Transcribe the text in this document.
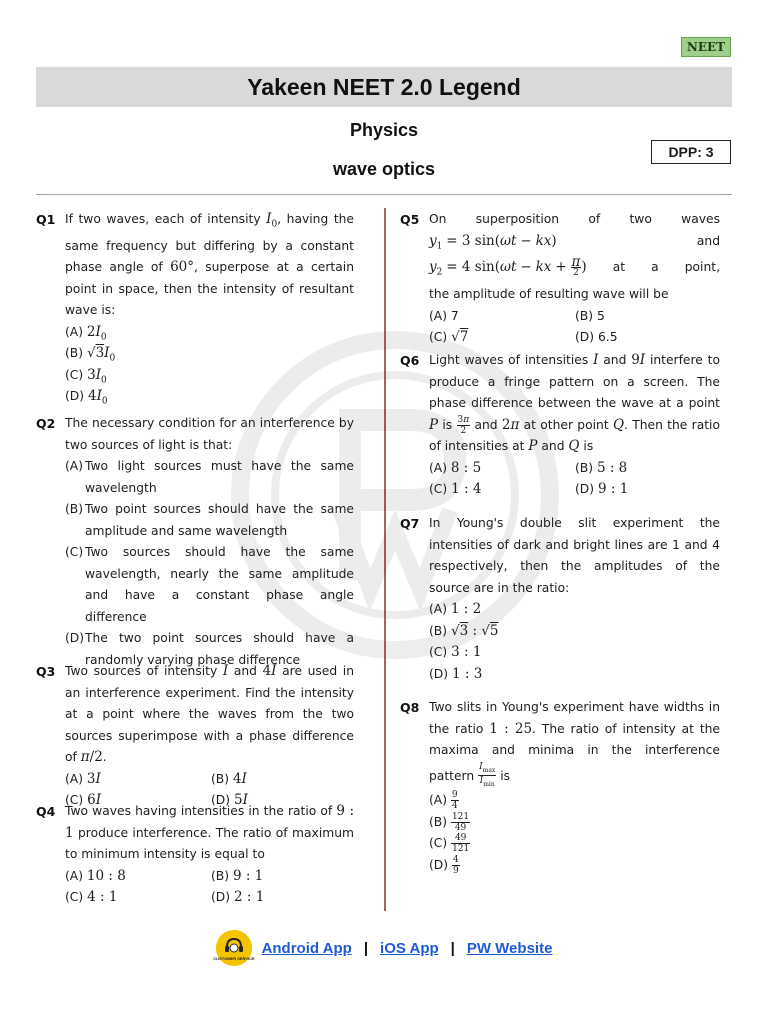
NEET
Yakeen NEET 2.0 Legend
Physics
wave optics
DPP: 3
Q1 If two waves, each of intensity $I_0$, having the same frequency but differing by a constant phase angle of 60°, superpose at a certain point in space, then the intensity of resultant wave is:
(A) $2I_0$
(B) $√3I_0$
(C) $3I_0$
(D) $4I_0$
Q2 The necessary condition for an interference by two sources of light is that:
(A) Two light sources must have the same wavelength
(B) Two point sources should have the same amplitude and same wavelength
(C) Two sources should have the same wavelength, nearly the same amplitude and have a constant phase angle difference
(D) The two point sources should have a randomly varying phase difference
Q3 Two sources of intensity I and 4I are used in an interference experiment. Find the intensity at a point where the waves from the two sources superimpose with a phase difference of π/2.
(A) 3I	(B) 4I
(C) 6I	(D) 5I
Q4 Two waves having intensities in the ratio of 9 : 1 produce interference. The ratio of maximum to minimum intensity is equal to
(A) 10 : 8	(B) 9 : 1
(C) 4 : 1	(D) 2 : 1
Q5 On superposition of two waves
$y_1 = 3$ sin(ωt − kx)	and
$y_2 = 4$ sin(ωt − kx + $\frac{\pi}{2}$ ) at a point,
the amplitude of resulting wave will be
(A) 7	(B) 5
(C) √7	(D) 6.5
Q6 Light waves of intensities I and 9I interfere to produce a fringe pattern on a screen. The phase difference between the wave at a point P is $\frac{3\pi}{2}$ and 2π at other point Q. Then the ratio of intensities at P and Q is
(A) 8 : 5	(B) 5 : 8
(C) 1 : 4	(D) 9 : 1
Q7 In Young's double slit experiment the intensities of dark and bright lines are 1 and 4 respectively, then the amplitudes of the source are in the ratio:
(A) 1 : 2
(B) √3 : √5
(C) 3 : 1
(D) 1 : 3
Q8 Two slits in Young's experiment have widths in the ratio 1 : 25. The ratio of intensity at the maxima and minima in the interference pattern $\frac{I_{max}}{I_{min}}$ is
$(A) \frac{9}{4}$
$(B) \frac{121}{49}$
$(C) \frac{49}{121}$
$(D) \frac{4}{9}$
CUSTOMER SERVICE
Android App | iOS App | PW Website
